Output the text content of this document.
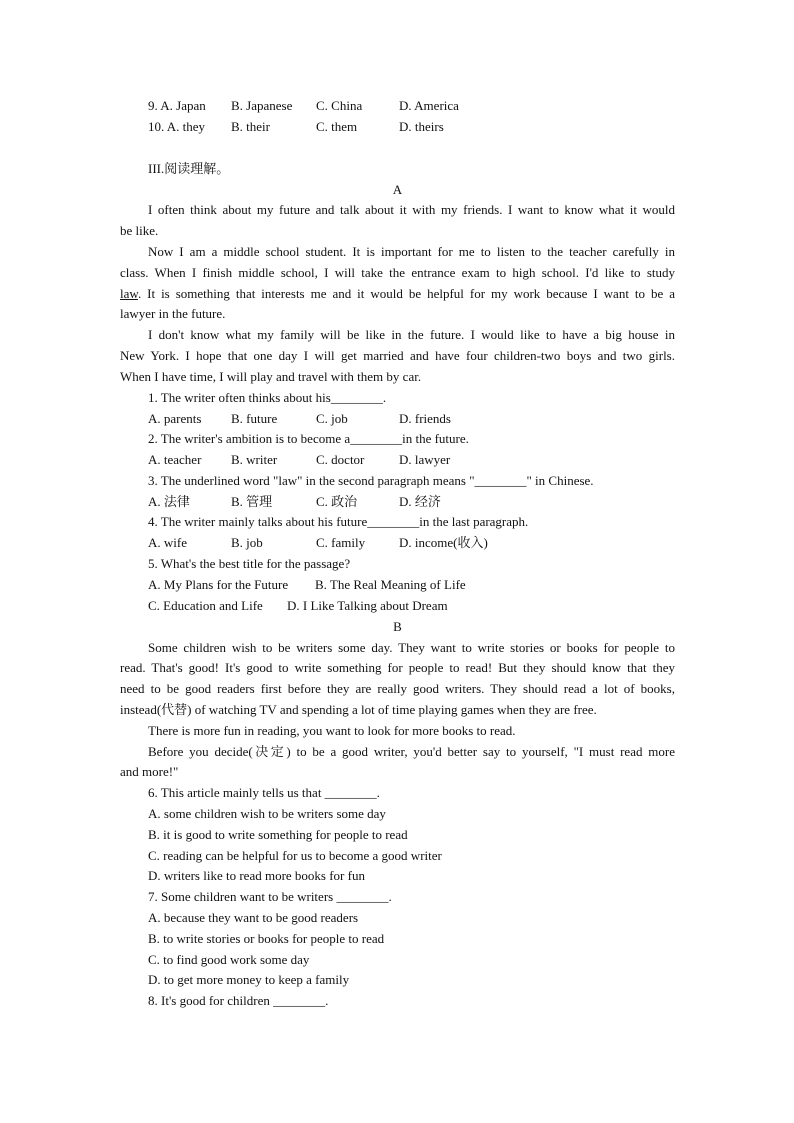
9. A. Japan B. Japanese C. China	D. America
10. A. they B. their	C. them	D. theirs
III.阅读理解。
A
I often think about my future and talk about it with my friends. I want to know what it would
be like.
Now I am a middle school student. It is important for me to listen to the teacher carefully in
class. When I finish middle school, I will take the entrance exam to high school. I'd like to study
law. It is something that interests me and it would be helpful for my work because I want to be a
lawyer in the future.
I don't know what my family will be like in the future. I would like to have a big house in
New York. I hope that one day I will get married and have four children-two boys and two girls.
When I have time, I will play and travel with them by car.
1. The writer often thinks about his________.
A. parents B. future	C. job	D. friends
2. The writer's ambition is to become a________in the future.
A. teacher B. writer	C. doctor	D. lawyer
3. The underlined word "law" in the second paragraph means "________" in Chinese.
A. 法律	B. 管理	C. 政治	D. 经济
4. The writer mainly talks about his future________in the last paragraph.
A. wife	B. job	C. family	D. income(收入)
5. What's the best title for the passage?
A. My Plans for the Future B. The Real Meaning of Life
C. Education and Life D. I Like Talking about Dream
B
Some children wish to be writers some day. They want to write stories or books for people to
read. That's good! It's good to write something for people to read! But they should know that they
need to be good readers first before they are really good writers. They should read a lot of books,
instead(代替) of watching TV and spending a lot of time playing games when they are free.
There is more fun in reading, you want to look for more books to read.
Before you decide(决定) to be a good writer, you'd better say to yourself, "I must read more
and more!"
6. This article mainly tells us that ________.
A. some children wish to be writers some day
B. it is good to write something for people to read
C. reading can be helpful for us to become a good writer
D. writers like to read more books for fun
7. Some children want to be writers ________.
A. because they want to be good readers
B. to write stories or books for people to read
C. to find good work some day
D. to get more money to keep a family
8. It's good for children ________.
